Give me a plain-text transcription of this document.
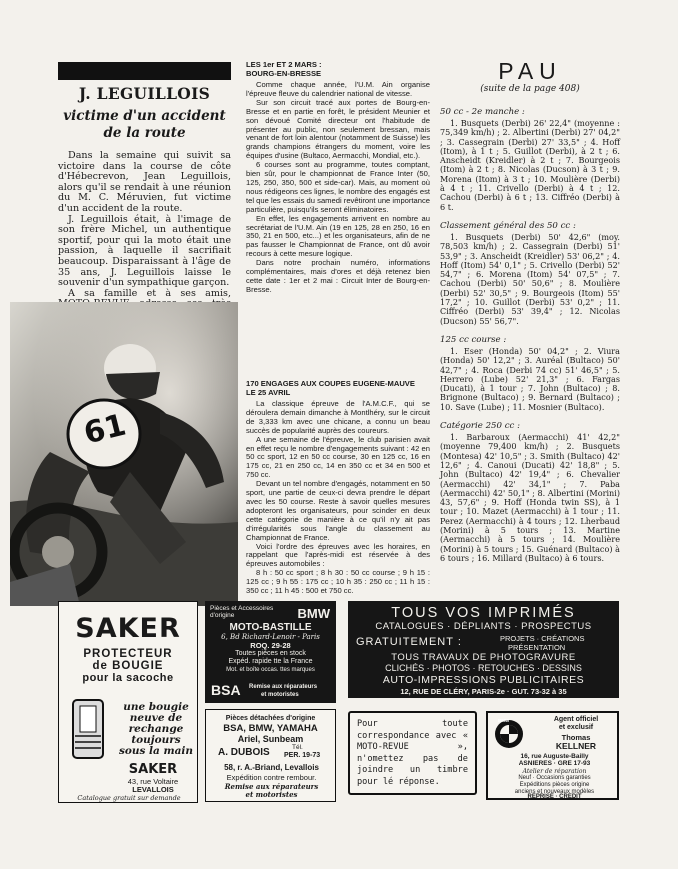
J. LEGUILLOIS
victime d'un accident
de la route

Dans la semaine qui suivit sa victoire dans la course de côte d'Hébecrevon, Jean Leguillois, alors qu'il se rendait à une réunion du M. C. Méruvien, fut victime d'un accident de la route.

J. Leguillois était, à l'image de son frère Michel, un authentique sportif, pour qui la moto était une passion, à laquelle il sacrifiait beaucoup. Disparaissant à l'âge de 35 ans, J. Leguillois laisse le souvenir d'un sympathique garçon.

A sa famille et à ses amis,

61

LES 1er ET 2 MARS :

BOURG-EN-BRESSE

Comme chaque année, l'U.M. Ain organise l'épreuve fleuve du calendrier national de vitesse.

Sur son circuit tracé aux portes de Bourg-en-Bresse et en partie en forêt, le président Meunier et son dévoué Comité directeur ont l'habitude de présenter au public, non seulement bressan, mais venant de fort loin alentour (notamment de Suisse) les grands champions étrangers du moment, voire les équipes d'usine (Bultaco, Aermacchi, Mondial, etc.).

6 courses sont au programme, toutes comptant, bien sûr, pour le championnat de France Inter (50, 125, 250, 350, 500 et side-car). Mais, au moment où nous rédigeons ces lignes, le nombre des engagés est tel que les essais du samedi revêtiront une importance particulière, puisqu'ils seront éliminatoires.

En effet, les engagements arrivent en nombre au secrétariat de l'U.M. Ain (19 en 125, 28 en 250, 16 en 350, 21 en 500, etc...) et les organisateurs, afin de ne pas fausser le Championnat de France, ont dû avoir recours à cette mesure logique.

Dans notre prochain numéro, informations complémentaires, mais d'ores et déjà retenez bien cette date : 1er et 2 mai : Circuit Inter de Bourg-en-Bresse.

170 ENGAGES AUX COUPES EUGENE-MAUVE

LE 25 AVRIL

La classique épreuve de l'A.M.C.F., qui se déroulera demain dimanche à Montlhéry, sur le circuit de 3,333 km avec une chicane, a connu un beau succès de popularité auprès des coureurs.

A une semaine de l'épreuve, le club parisien avait en effet reçu le nombre d'engagements suivant : 42 en 50 cc sport, 12 en 50 cc course, 30 en 125 cc, 16 en 175 cc, 21 en 250 cc, 14 en 350 cc et 34 en 500 et 750 cc.

Devant un tel nombre d'engagés, notamment en 50 sport, une partie de ceux-ci devra prendre le départ avec les 50 course. Reste à savoir quelles mesures adopteront les organisateurs, pour scinder en deux cette catégorie de manière à ce qu'il n'y ait pas d'irrégularités sous l'angle du classement au Championnat de France.

Voici l'ordre des épreuves avec les horaires, en rappelant que l'après-midi est réservée à des épreuves automobiles :

8 h : 50 cc sport ; 8 h 30 : 50 cc course ; 9 h 15 : 125 cc ; 9 h 55 : 175 cc ; 10 h 35 : 250 cc ; 11 h 15 : 350 cc ; 11 h 45 : 500 et 750 cc.

PAU
(suite de la page 408)

50 cc - 2e manche :

1. Busquets (Derbi) 26' 22,4" (moyenne : 75,349 km/h) ; 2. Albertini (Derbi) 27' 04,2" ; 3. Cassegrain (Derbi) 27' 33,5" ; 4. Hoff (Itom), à 1 t ; 5. Guillot (Derbi), à 2 t ; 6. Anscheidt (Kreidler) à 2 t ; 7. Bourgeois (Itom) à 2 t ; 8. Nicolas (Ducson) à 3 t ; 9. Morena (Itom) à 3 t ; 10. Moulière (Derbi) à 4 t ; 11. Crivello (Derbi) à 4 t ; 12. Cachou (Derbi) à 6 t ; 13. Ciffréo (Derbi) à 6 t.

Classement général des 50 cc :

1. Busquets (Derbi) 50' 42,6" (moy. 78,503 km/h) ; 2. Cassegrain (Derbi) 51' 53,9" ; 3. Anscheidt (Kreidler) 53' 06,2" ; 4. Hoff (Itom) 54' 0,1" ; 5. Crivello (Derbi) 52' 54,7" ; 6. Morena (Itom) 54' 07,5" ; 7. Cachou (Derbi) 50' 50,6" ; 8. Moulière (Derbi) 52' 30,5" ; 9. Bourgeois (Itom) 55' 17,2" ; 10. Guillot (Derbi) 53' 0,2" ; 11. Ciffréo (Derbi) 53' 39,4" ; 12. Nicolas (Ducson) 55' 56,7".

125 cc course :

1. Eser (Honda) 50' 04,2" ; 2. Viura (Honda) 50' 12,2" ; 3. Auréal (Bultaco) 50' 42,7" ; 4. Roca (Derbi 74 cc) 51' 46,5" ; 5. Herrero (Lube) 52' 21,3" ; 6. Fargas (Ducati), à 1 tour ; 7. John (Bultaco) ; 8. Brignone (Bultaco) ; 9. Bernard (Bultaco) ; 10. Save (Lube) ; 11. Mosnier (Bultaco).

Catégorie 250 cc :

1. Barbaroux (Aermacchi) 41' 42,2" (moyenne 79,400 km/h) ; 2. Busquets (Montesa) 42' 10,5" ; 3. Smith (Bultaco) 42' 12,6" ; 4. Canoui (Ducati) 42' 18,8" ; 5. John (Bultaco) 42' 19,4" ; 6. Chevalier (Aermacchi) 42' 34,1" ; 7. Paba (Aermacchi) 42' 50,1" ; 8. Albertini (Morini) 43, 57,6" ; 9. Hoff (Honda twin SS), à 1 tour ; 10. Mazet (Aermacchi) à 1 tour ; 11. Perez (Aermacchi) à 4 tours ; 12. Lherbaud (Morini) à 5 tours ; 13. Martine (Aermacchi) à 5 tours ; 14. Moulière (Morini) à 5 tours ; 15. Guénard (Bultaco) à 6 tours ; 16. Millard (Bultaco) à 6 tours.

SAKER
PROTECTEUR
de BOUGIE
pour la sacoche
une bougie
neuve de
rechange
toujours
sous la main
SAKER
43, rue Voltaire
LEVALLOIS
Catalogue gratuit sur demande
Pièces et Accessoires
d'origine	BMW
MOTO-BASTILLE
6, Bd Richard-Lenoir - Paris
ROQ. 29-28
Toutes pièces en stock
Expéd. rapide tte la France
Mot. et boîte occas. ttes marques
BSA Remise aux réparateurs
et motoristes
TOUS VOS IMPRIMÉS
CATALOGUES · DÉPLIANTS · PROSPECTUS
GRATUITEMENT :	PROJETS · CRÉATIONS
PRÉSENTATION
TOUS TRAVAUX DE PHOTOGRAVURE
CLICHÉS · PHOTOS · RETOUCHES · DESSINS
AUTO-IMPRESSIONS PUBLICITAIRES
12, RUE DE CLÉRY, PARIS-2e · GUT. 73-32 à 35
Pièces détachées d'origine
BSA, BMW, YAMAHA
Ariel, Sunbeam
A. DUBOIS	Tél.
PER. 19-73
58, r. A.-Briand, Levallois
Expédition contre rembour.
Remise aux réparateurs
et motoristes

Pour toute correspondance avec « MOTO-REVUE », n'omettez pas de joindre un timbre pour lé réponse.

BMW	Agent officiel
et exclusif
Thomas
KELLNER
16, rue Auguste-Bailly
ASNIERES · GRE 17-93
Atelier de réparation
Neuf · Occasions garanties
Expéditions pièces origine
anciens et nouveaux modèles
REPRISE · CREDIT
